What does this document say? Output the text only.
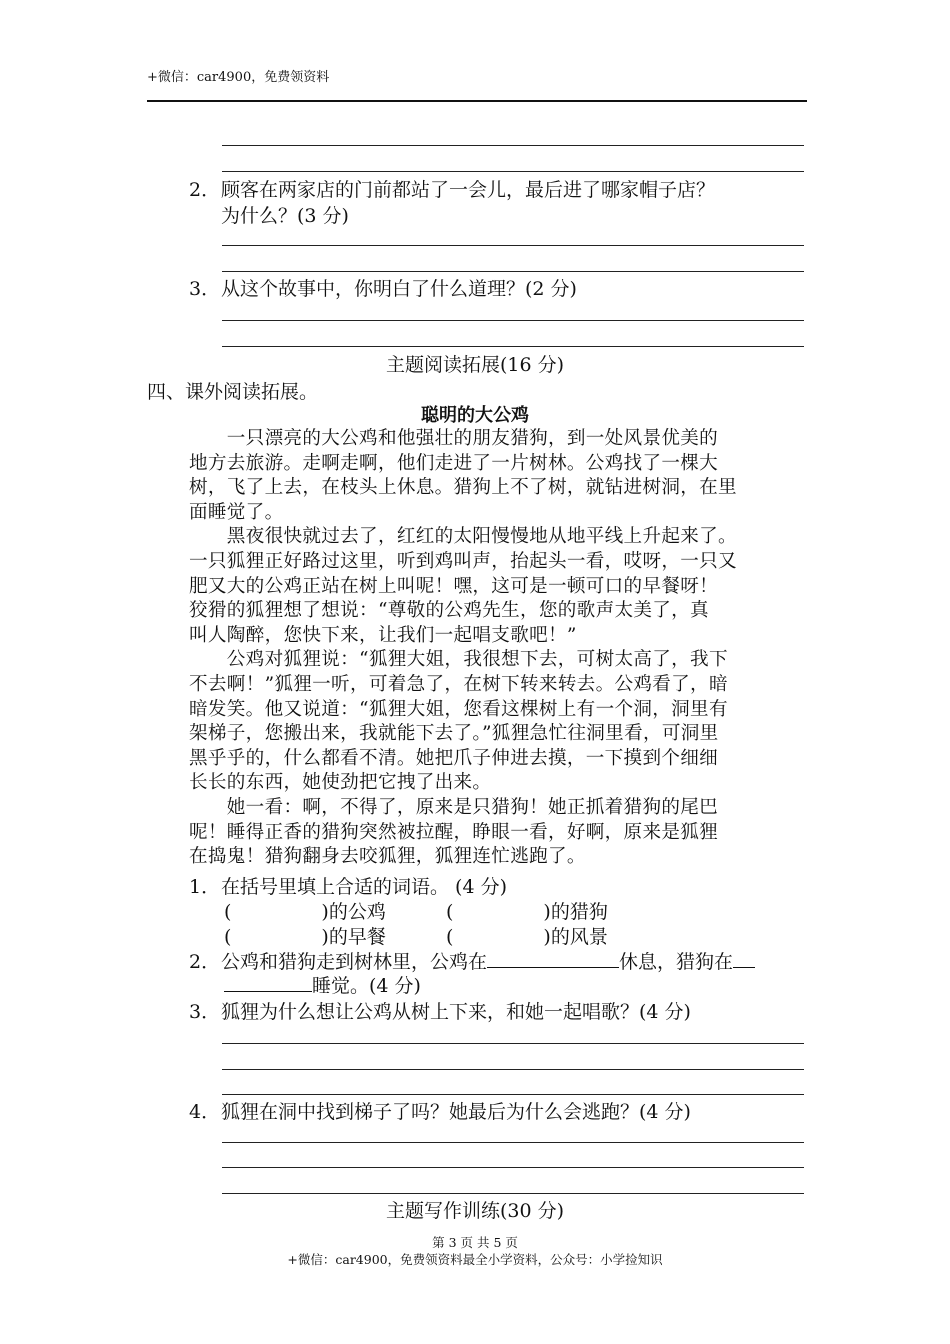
+微信：car4900，免费领资料
2．顾客在两家店的门前都站了一会儿，最后进了哪家帽子店？
为什么？(3 分)
3．从这个故事中，你明白了什么道理？(2 分)
主题阅读拓展(16 分)
四、课外阅读拓展。
聪明的大公鸡
　　一只漂亮的大公鸡和他强壮的朋友猎狗，到一处风景优美的
地方去旅游。走啊走啊，他们走进了一片树林。公鸡找了一棵大
树，飞了上去，在枝头上休息。猎狗上不了树，就钻进树洞，在里
面睡觉了。
　　黑夜很快就过去了，红红的太阳慢慢地从地平线上升起来了。
一只狐狸正好路过这里，听到鸡叫声，抬起头一看，哎呀，一只又
肥又大的公鸡正站在树上叫呢！嘿，这可是一顿可口的早餐呀！
狡猾的狐狸想了想说：“尊敬的公鸡先生，您的歌声太美了，真
叫人陶醉，您快下来，让我们一起唱支歌吧！”
　　公鸡对狐狸说：“狐狸大姐，我很想下去，可树太高了，我下
不去啊！”狐狸一听，可着急了，在树下转来转去。公鸡看了，暗
暗发笑。他又说道：“狐狸大姐，您看这棵树上有一个洞，洞里有
架梯子，您搬出来，我就能下去了。”狐狸急忙往洞里看，可洞里
黑乎乎的，什么都看不清。她把爪子伸进去摸，一下摸到个细细
长长的东西，她使劲把它拽了出来。
　　她一看：啊，不得了，原来是只猎狗！她正抓着猎狗的尾巴
呢！睡得正香的猎狗突然被拉醒，睁眼一看，好啊，原来是狐狸
在捣鬼！猎狗翻身去咬狐狸，狐狸连忙逃跑了。
1．在括号里填上合适的词语。 (4 分)
(	)的公鸡	(	)的猎狗
(	)的早餐	(	)的风景
2．公鸡和猎狗走到树林里，公鸡在	休息，猎狗在
睡觉。(4 分)
3．狐狸为什么想让公鸡从树上下来，和她一起唱歌？(4 分)
4．狐狸在洞中找到梯子了吗？她最后为什么会逃跑？(4 分)
主题写作训练(30 分)
第 3 页 共 5 页
+微信：car4900，免费领资料最全小学资料，公众号：小学捡知识
